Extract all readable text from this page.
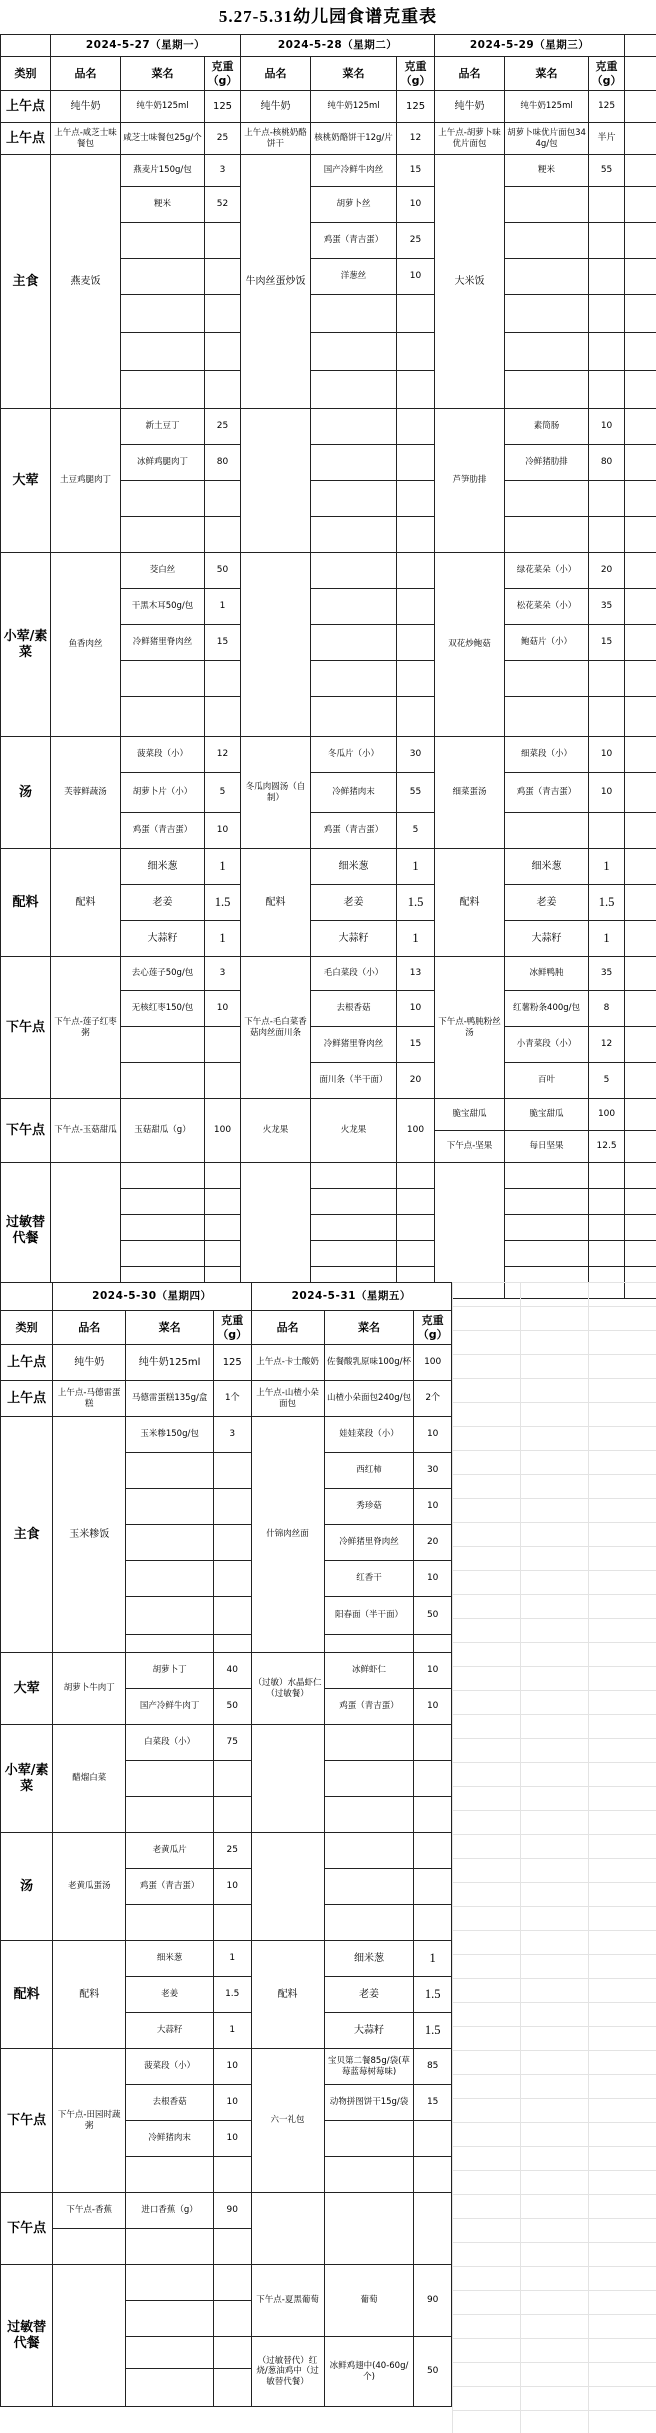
5.27-5.31幼儿园食谱克重表
	2024-5-27（星期一）			2024-5-28（星期二）			2024-5-29（星期三）			
类别	品名	菜名	克重（g）	品名	菜名	克重（g）	品名	菜名	克重（g）	
上午点	纯牛奶	纯牛奶125ml	125	纯牛奶	纯牛奶125ml	125	纯牛奶	纯牛奶125ml	125	
上午点	上午点-咸芝士味餐包	咸芝士味餐包25g/个	25	上午点-核桃奶酪饼干	核桃奶酪饼干12g/片	12	上午点-胡萝卜味优片面包	胡萝卜味优片面包344g/包	半片	
主食	燕麦饭	燕麦片150g/包	3	牛肉丝蛋炒饭	国产冷鲜牛肉丝	15	大米饭	粳米	55	
		粳米	52		胡萝卜丝	10				
					鸡蛋（青吉蛋）	25				
					洋葱丝	10				

大荤	土豆鸡腿肉丁	新土豆丁	25				芦笋肋排	素筒肠	10	
		冰鲜鸡腿肉丁	80					冷鲜猪肋排	80	

小荤/素菜	鱼香肉丝	茭白丝	50				双花炒鲍菇	绿花菜朵（小）	20	
		干黑木耳50g/包	1					松花菜朵（小）	35	
		冷鲜猪里脊肉丝	15					鲍菇片（小）	15	

汤	芙蓉鲜蔬汤	菠菜段（小）	12	冬瓜肉圆汤（自制）	冬瓜片（小）	30	细菜蛋汤	细菜段（小）	10	
		胡萝卜片（小）	5		冷鲜猪肉末	55		鸡蛋（青吉蛋）	10	
		鸡蛋（青吉蛋）	10		鸡蛋（青吉蛋）	5				
配料	配料	细米葱	1	配料	细米葱	1	配料	细米葱	1	
		老姜	1.5		老姜	1.5		老姜	1.5	
		大蒜籽	1		大蒜籽	1		大蒜籽	1	
下午点	下午点-莲子红枣粥	去心莲子50g/包	3	下午点-毛白菜香菇肉丝面川条	毛白菜段（小）	13	下午点-鸭肫粉丝汤	冰鲜鸭肫	35	
		无核红枣150/包	10		去根香菇	10		红薯粉条400g/包	8	
					冷鲜猪里脊肉丝	15		小青菜段（小）	12	
					面川条（半干面）	20		百叶	5	
下午点	下午点-玉菇甜瓜	玉菇甜瓜（g）	100	火龙果	火龙果	100	脆宝甜瓜	脆宝甜瓜	100	
							下午点-坚果	每日坚果	12.5	
过敏替代餐										

	2024-5-30（星期四）			2024-5-31（星期五）		
类别	品名	菜名	克重（g）	品名	菜名	克重（g）
上午点	纯牛奶	纯牛奶125ml	125	上午点-卡士酸奶	佐餐酸乳原味100g/杯	100
上午点	上午点-马德雷蛋糕	马德雷蛋糕135g/盒	1个	上午点-山楂小朵面包	山楂小朵面包240g/包	2个
主食	玉米糁饭	玉米糁150g/包	3	什锦肉丝面	娃娃菜段（小）	10
					西红柿	30
					秀珍菇	10
					冷鲜猪里脊肉丝	20
					红香干	10
					阳春面（半干面）	50

大荤	胡萝卜牛肉丁	胡萝卜丁	40	（过敏）水晶虾仁（过敏餐）	冰鲜虾仁	10
		国产冷鲜牛肉丁	50		鸡蛋（青吉蛋）	10
小荤/素菜	醋熘白菜	白菜段（小）	75			

汤	老黄瓜蛋汤	老黄瓜片	25			
		鸡蛋（青吉蛋）	10			

配料	配料	细米葱	1	配料	细米葱	1
		老姜	1.5		老姜	1.5
		大蒜籽	1		大蒜籽	1.5
下午点	下午点-田园时蔬粥	菠菜段（小）	10	六一礼包	宝贝第二餐85g/袋(草莓蓝莓树莓味)	85
		去根香菇	10		动物拼图饼干15g/袋	15
		冷鲜猪肉末	10			

下午点	下午点-香蕉	进口香蕉（g）	90			

过敏替代餐				下午点-夏黑葡萄	葡萄	90

				（过敏替代）红烧/葱油鸡中（过敏替代餐）	冰鲜鸡翅中(40-60g/个)	50
